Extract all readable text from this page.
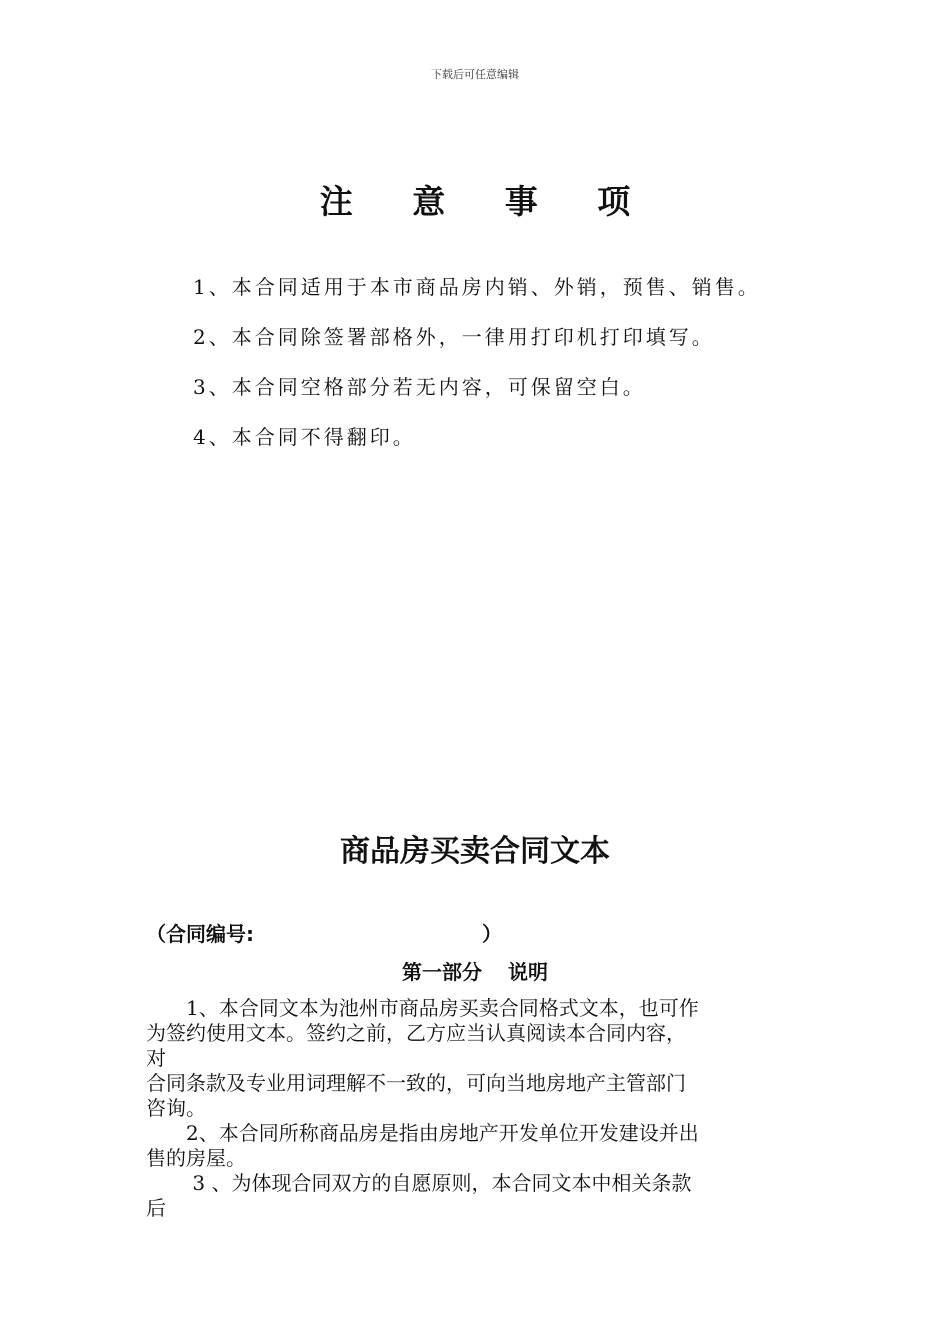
下载后可任意编辑
注 意 事 项
1、本合同适用于本市商品房内销、外销，预售、销售。
2、本合同除签署部格外，一律用打印机打印填写。
3、本合同空格部分若无内容，可保留空白。
4、本合同不得翻印。
商品房买卖合同文本
（合同编号:	）
第一部分 说明
　　1、本合同文本为池州市商品房买卖合同格式文本，也可作
为签约使用文本。签约之前，乙方应当认真阅读本合同内容，
对
合同条款及专业用词理解不一致的，可向当地房地产主管部门
咨询。
　　2、本合同所称商品房是指由房地产开发单位开发建设并出
售的房屋。
　　 3 、为体现合同双方的自愿原则，本合同文本中相关条款
后
